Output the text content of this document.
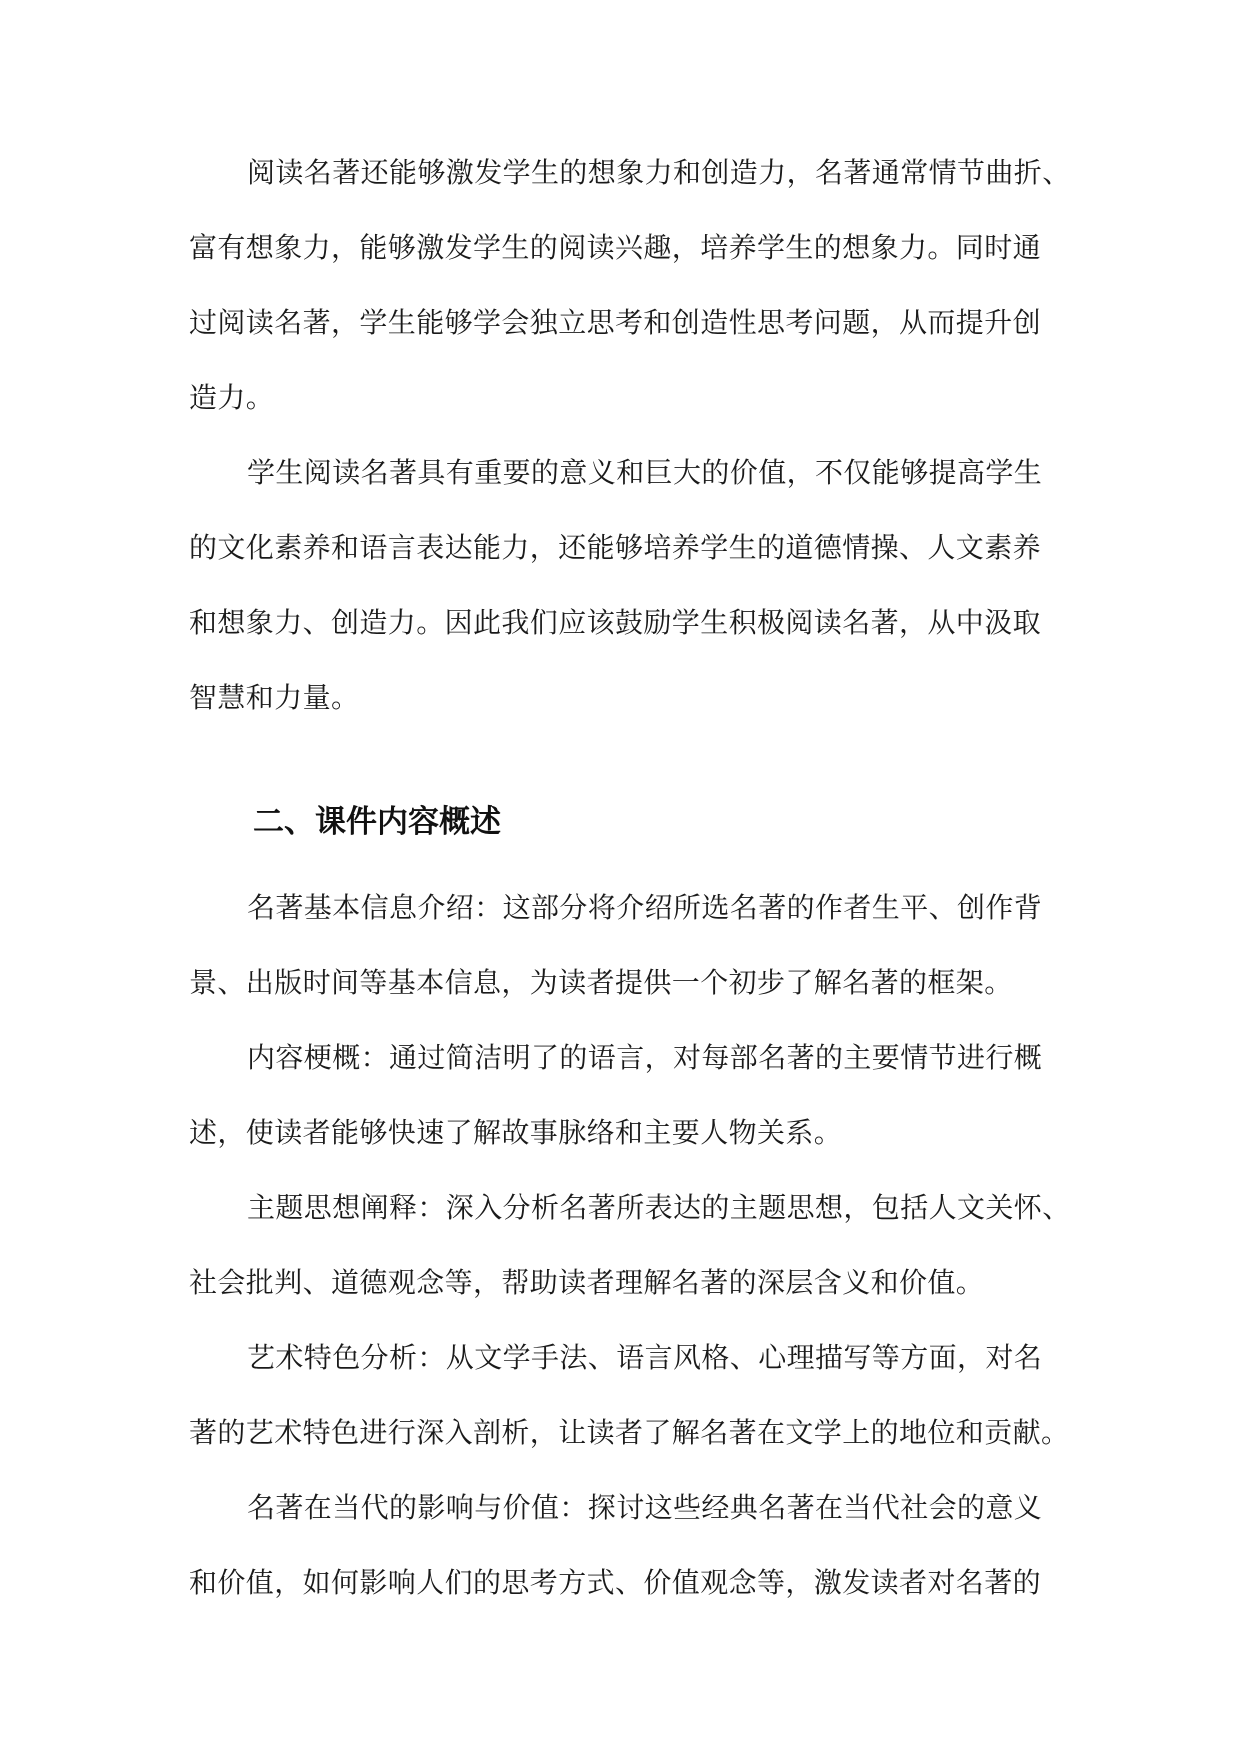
阅读名著还能够激发学生的想象力和创造力，名著通常情节曲折、
富有想象力，能够激发学生的阅读兴趣，培养学生的想象力。同时通
过阅读名著，学生能够学会独立思考和创造性思考问题，从而提升创
造力。
学生阅读名著具有重要的意义和巨大的价值，不仅能够提高学生
的文化素养和语言表达能力，还能够培养学生的道德情操、人文素养
和想象力、创造力。因此我们应该鼓励学生积极阅读名著，从中汲取
智慧和力量。
二、课件内容概述
名著基本信息介绍：这部分将介绍所选名著的作者生平、创作背
景、出版时间等基本信息，为读者提供一个初步了解名著的框架。
内容梗概：通过简洁明了的语言，对每部名著的主要情节进行概
述，使读者能够快速了解故事脉络和主要人物关系。
主题思想阐释：深入分析名著所表达的主题思想，包括人文关怀、
社会批判、道德观念等，帮助读者理解名著的深层含义和价值。
艺术特色分析：从文学手法、语言风格、心理描写等方面，对名
著的艺术特色进行深入剖析，让读者了解名著在文学上的地位和贡献。
名著在当代的影响与价值：探讨这些经典名著在当代社会的意义
和价值，如何影响人们的思考方式、价值观念等，激发读者对名著的
